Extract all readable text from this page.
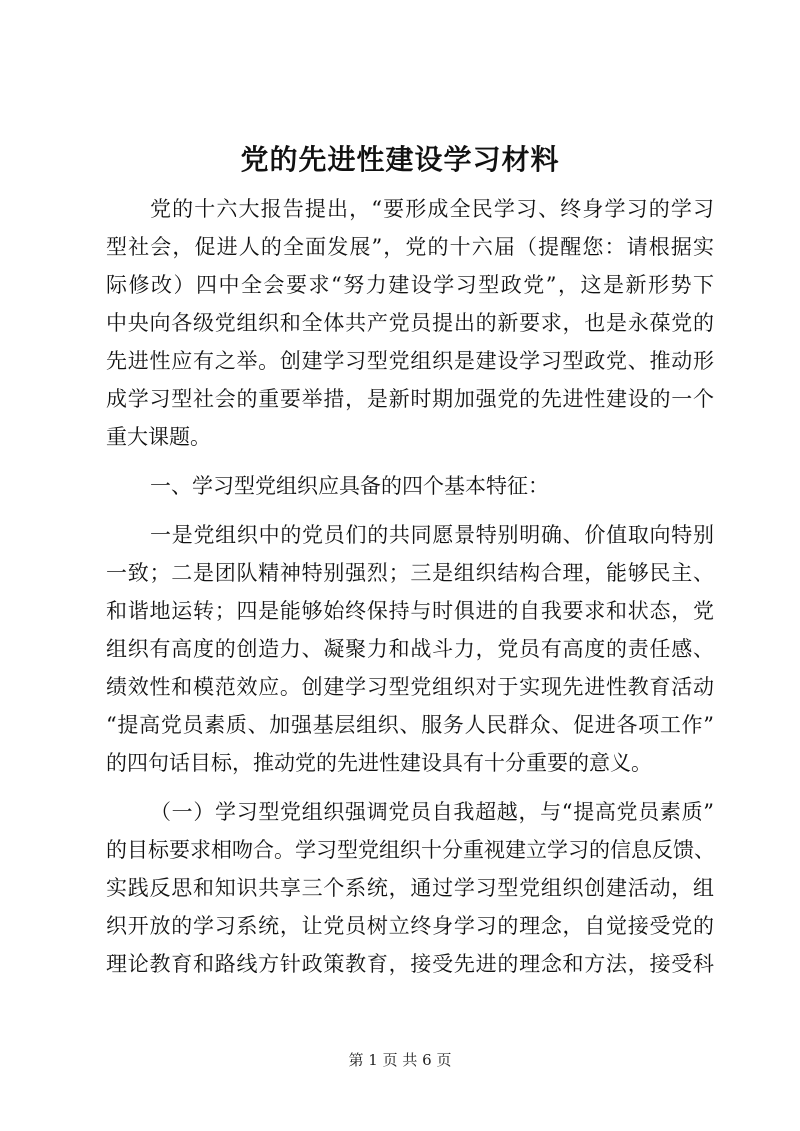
党的先进性建设学习材料
党的十六大报告提出，“要形成全民学习、终身学习的学习
型社会，促进人的全面发展”，党的十六届（提醒您：请根据实
际修改）四中全会要求“努力建设学习型政党”，这是新形势下
中央向各级党组织和全体共产党员提出的新要求，也是永葆党的
先进性应有之举。创建学习型党组织是建设学习型政党、推动形
成学习型社会的重要举措，是新时期加强党的先进性建设的一个
重大课题。
一、学习型党组织应具备的四个基本特征：
一是党组织中的党员们的共同愿景特别明确、价值取向特别
一致；二是团队精神特别强烈；三是组织结构合理，能够民主、
和谐地运转；四是能够始终保持与时俱进的自我要求和状态，党
组织有高度的创造力、凝聚力和战斗力，党员有高度的责任感、
绩效性和模范效应。创建学习型党组织对于实现先进性教育活动
“提高党员素质、加强基层组织、服务人民群众、促进各项工作”
的四句话目标，推动党的先进性建设具有十分重要的意义。
（一）学习型党组织强调党员自我超越，与“提高党员素质”
的目标要求相吻合。学习型党组织十分重视建立学习的信息反馈、
实践反思和知识共享三个系统，通过学习型党组织创建活动，组
织开放的学习系统，让党员树立终身学习的理念，自觉接受党的
理论教育和路线方针政策教育，接受先进的理念和方法，接受科
第 1 页 共 6 页
